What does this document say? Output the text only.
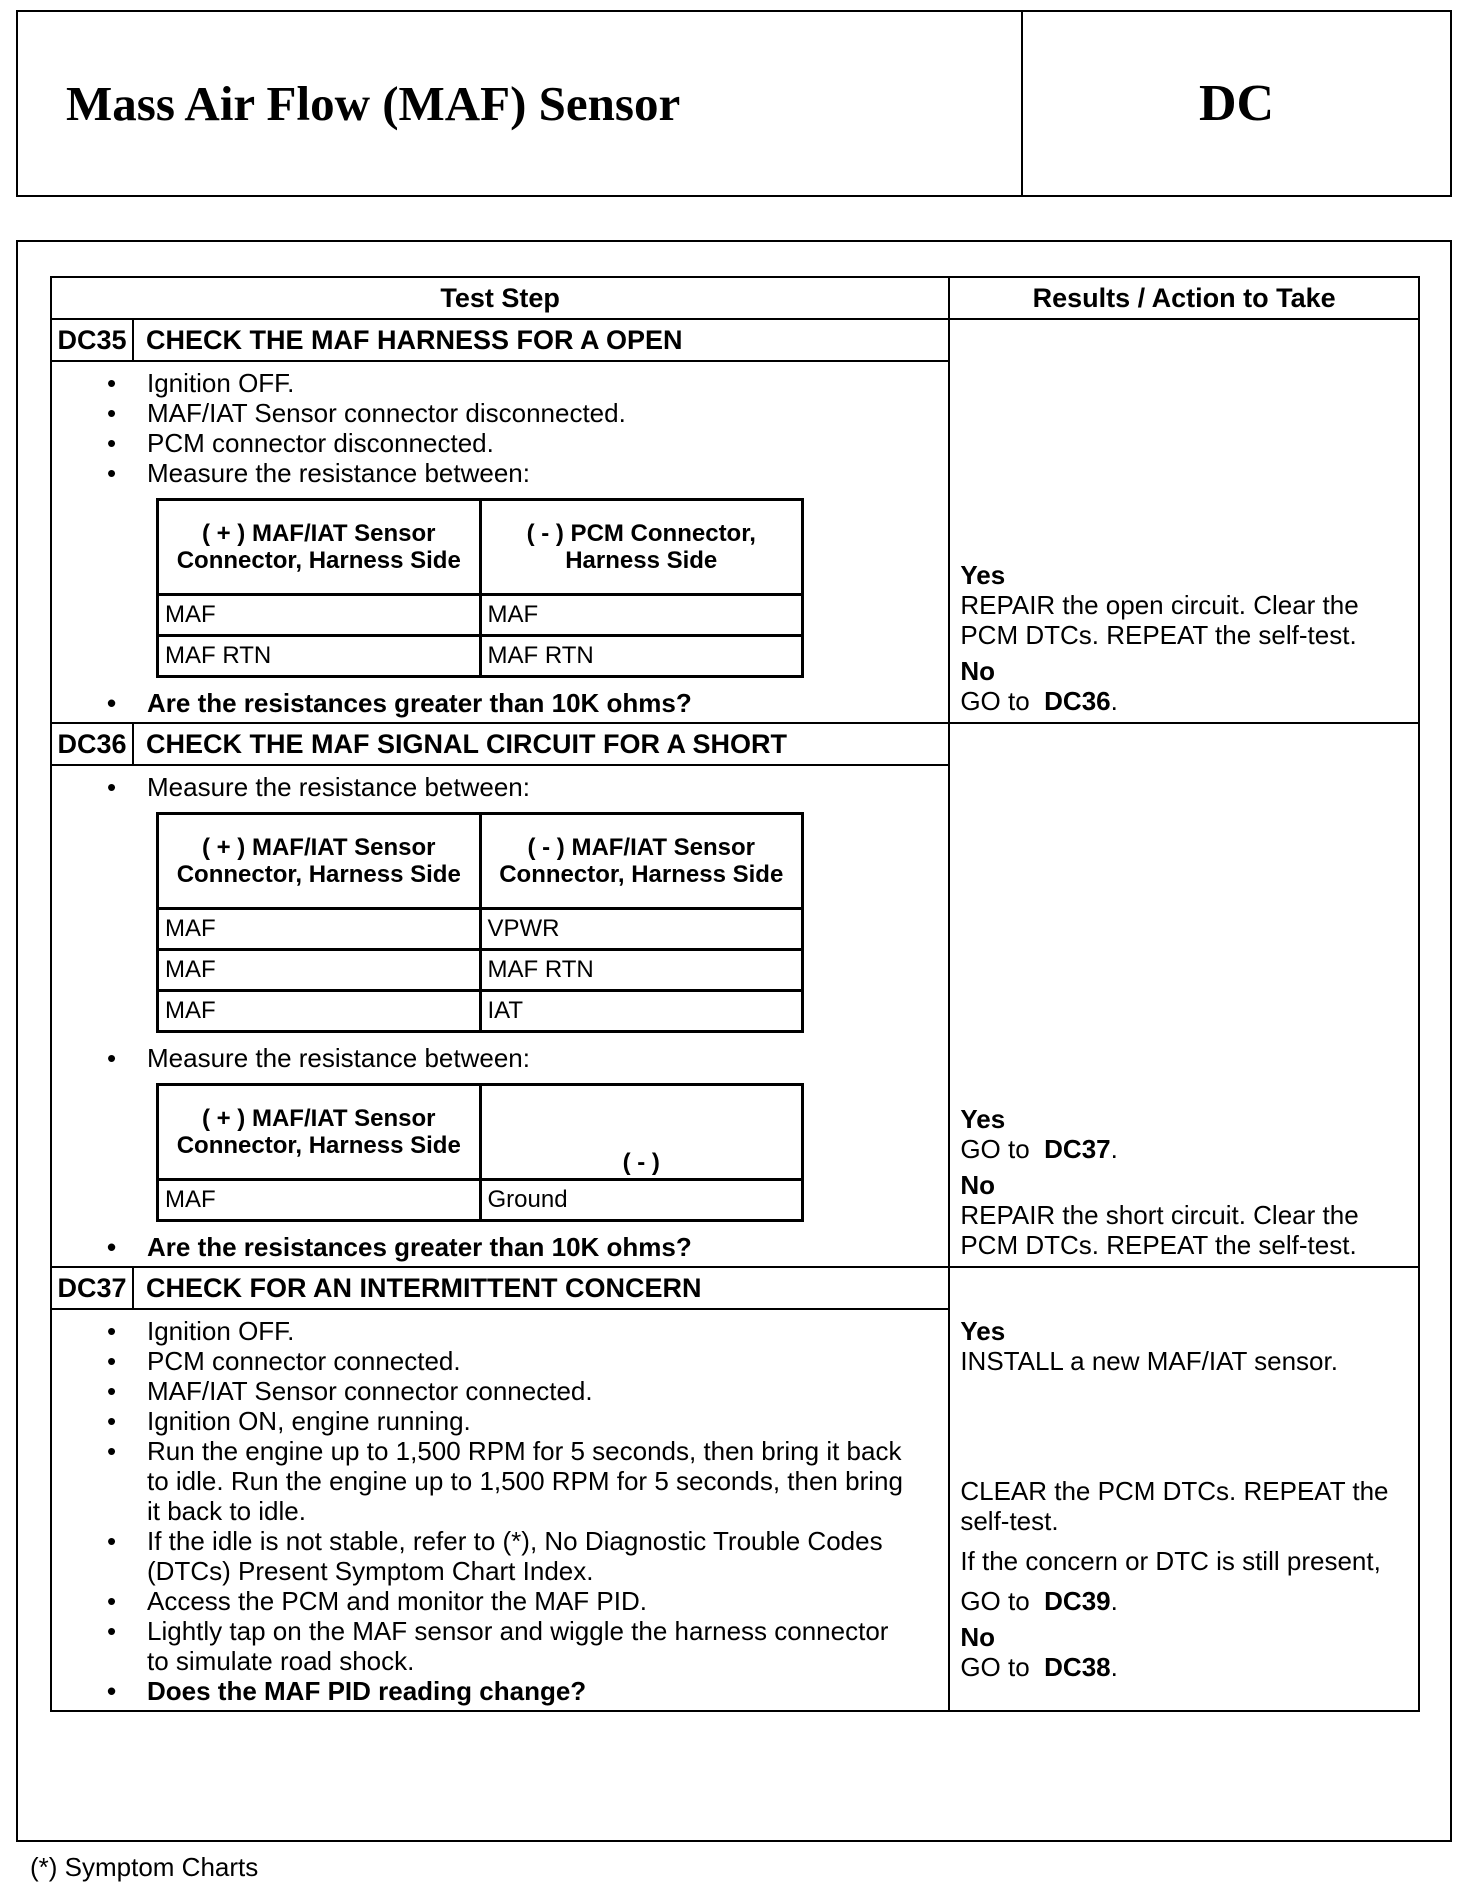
Mass Air Flow (MAF) Sensor	DC
Test Step	Results / Action to Take

DC35 CHECK THE MAF HARNESS FOR A OPEN
• Ignition OFF.
• MAF/IAT Sensor connector disconnected.
• PCM connector disconnected.
• Measure the resistance between:
( + ) MAF/IAT Sensor Connector, Harness Side	( - ) PCM Connector, Harness Side
MAF	MAF
MAF RTN	MAF RTN
• Are the resistances greater than 10K ohms?

Yes
REPAIR the open circuit. Clear the PCM DTCs. REPEAT the self-test.
No
GO to DC36.

DC36 CHECK THE MAF SIGNAL CIRCUIT FOR A SHORT
• Measure the resistance between:
( + ) MAF/IAT Sensor Connector, Harness Side	( - ) MAF/IAT Sensor Connector, Harness Side
MAF	VPWR
MAF	MAF RTN
MAF	IAT
• Measure the resistance between:
( + ) MAF/IAT Sensor Connector, Harness Side	( - )
MAF	Ground
• Are the resistances greater than 10K ohms?

Yes
GO to DC37.
No
REPAIR the short circuit. Clear the PCM DTCs. REPEAT the self-test.

DC37 CHECK FOR AN INTERMITTENT CONCERN
• Ignition OFF.
• PCM connector connected.
• MAF/IAT Sensor connector connected.
• Ignition ON, engine running.
• Run the engine up to 1,500 RPM for 5 seconds, then bring it back to idle. Run the engine up to 1,500 RPM for 5 seconds, then bring it back to idle.
• If the idle is not stable, refer to (*), No Diagnostic Trouble Codes (DTCs) Present Symptom Chart Index.
• Access the PCM and monitor the MAF PID.
• Lightly tap on the MAF sensor and wiggle the harness connector to simulate road shock.
• Does the MAF PID reading change?

Yes
INSTALL a new MAF/IAT sensor.
CLEAR the PCM DTCs. REPEAT the self-test.
If the concern or DTC is still present,
GO to DC39.
No
GO to DC38.
(*) Symptom Charts
